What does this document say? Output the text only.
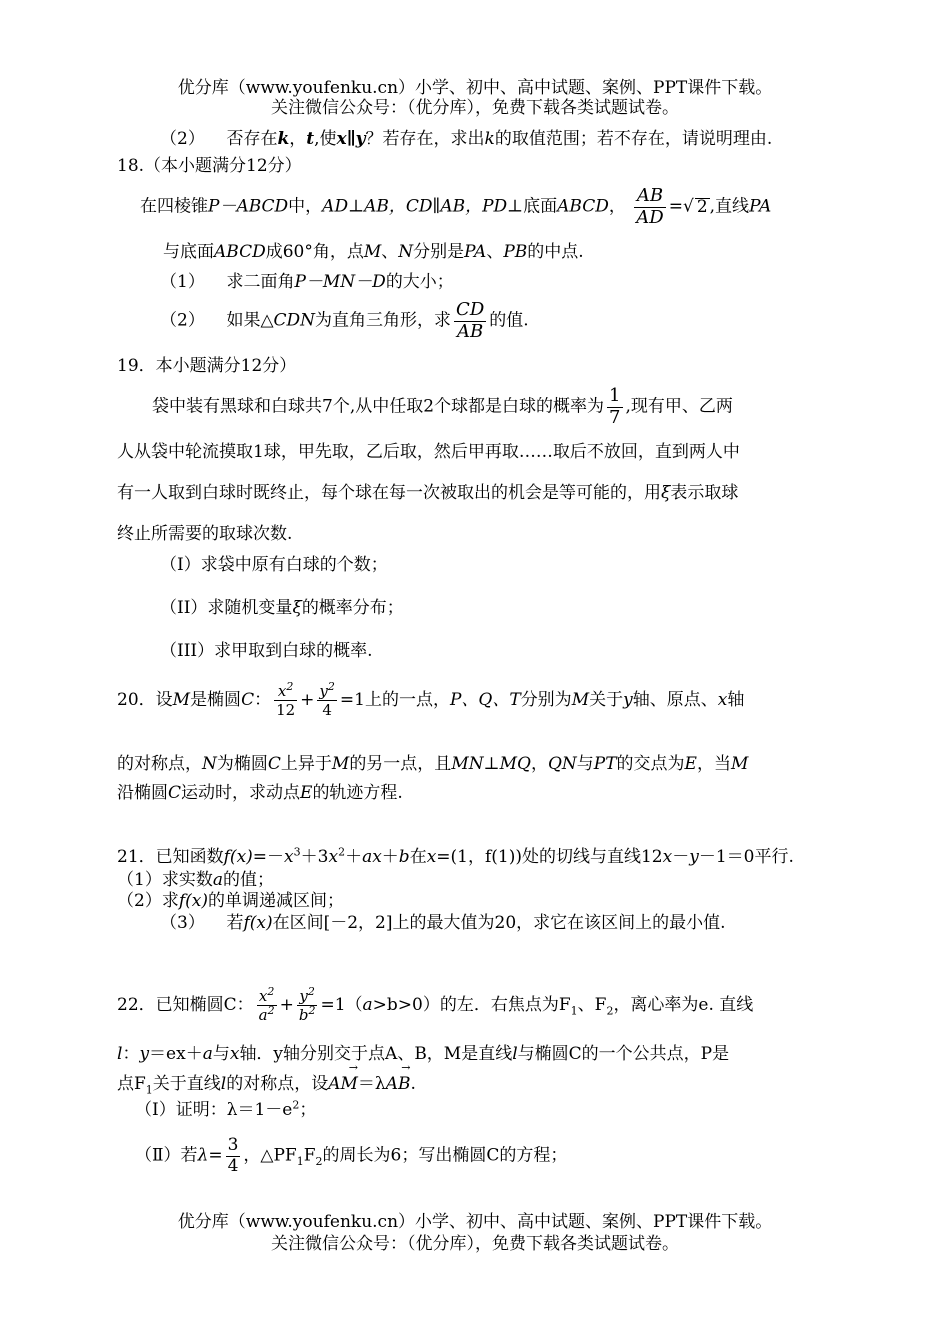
优分库（www.youfenku.cn）小学、初中、高中试题、案例、PPT课件下载。
关注微信公众号：（优分库），免费下载各类试题试卷。
（2） 否存在k，t,使x∥y？若存在，求出k的取值范围；若不存在，请说明理由.
18.（本小题满分12分）
在四棱锥P－ABCD中，AD⊥AB，CD∥AB，PD⊥底面ABCD， $\frac{AB}{AD}$ =√ 2 ,直线PA
与底面ABCD成60°角，点M、N分别是PA、PB的中点.
（1） 求二面角P－MN－D的大小；
（2） 如果△CDN为直角三角形，求 $\frac{CD}{AB}$ 的值.
19．本小题满分12分）
袋中装有黑球和白球共7个,从中任取2个球都是白球的概率为 $\frac{1}{7}$ ,现有甲、乙两
人从袋中轮流摸取1球，甲先取，乙后取，然后甲再取……取后不放回，直到两人中
有一人取到白球时既终止，每个球在每一次被取出的机会是等可能的，用ξ表示取球
终止所需要的取球次数.
（I）求袋中原有白球的个数；
（II）求随机变量ξ的概率分布；
（III）求甲取到白球的概率.
20．设M是椭圆C： $\frac{x^2}{12} + \frac{y^2}{4} =1$上的一点，P、Q、T分别为M关于y轴、原点、x轴
的对称点，N为椭圆C上异于M的另一点，且MN⊥MQ，QN与PT的交点为E，当M
沿椭圆C运动时，求动点E的轨迹方程.
21．已知函数$f(x)=-x^3+3x^2+ax+b$在x=(1，f(1))处的切线与直线12x－y－1＝0平行.
（1）求实数a的值；
（2）求f(x)的单调递减区间；
（3） 若f(x)在区间[－2，2]上的最大值为20，求它在该区间上的最小值.
22．已知椭圆C： $\frac{x^2}{a^2} + \frac{y^2}{b^2} =1(a>b>0)$的左．右焦点为$F_1$、$F_2$，离心率为e. 直线
l：y＝ex＋a与x轴．y轴分别交于点A、B，M是直线l与椭圆C的一个公共点，P是
点$F_1$关于直线l的对称点，设→ AM＝λ→ AB.
（Ⅰ）证明：$\lambda=1-e^2$；
（Ⅱ）若$\lambda= \frac{3}{4}$ ，$\triangle PF_1F_2$的周长为6；写出椭圆C的方程；
优分库（www.youfenku.cn）小学、初中、高中试题、案例、PPT课件下载。
关注微信公众号：（优分库），免费下载各类试题试卷。
